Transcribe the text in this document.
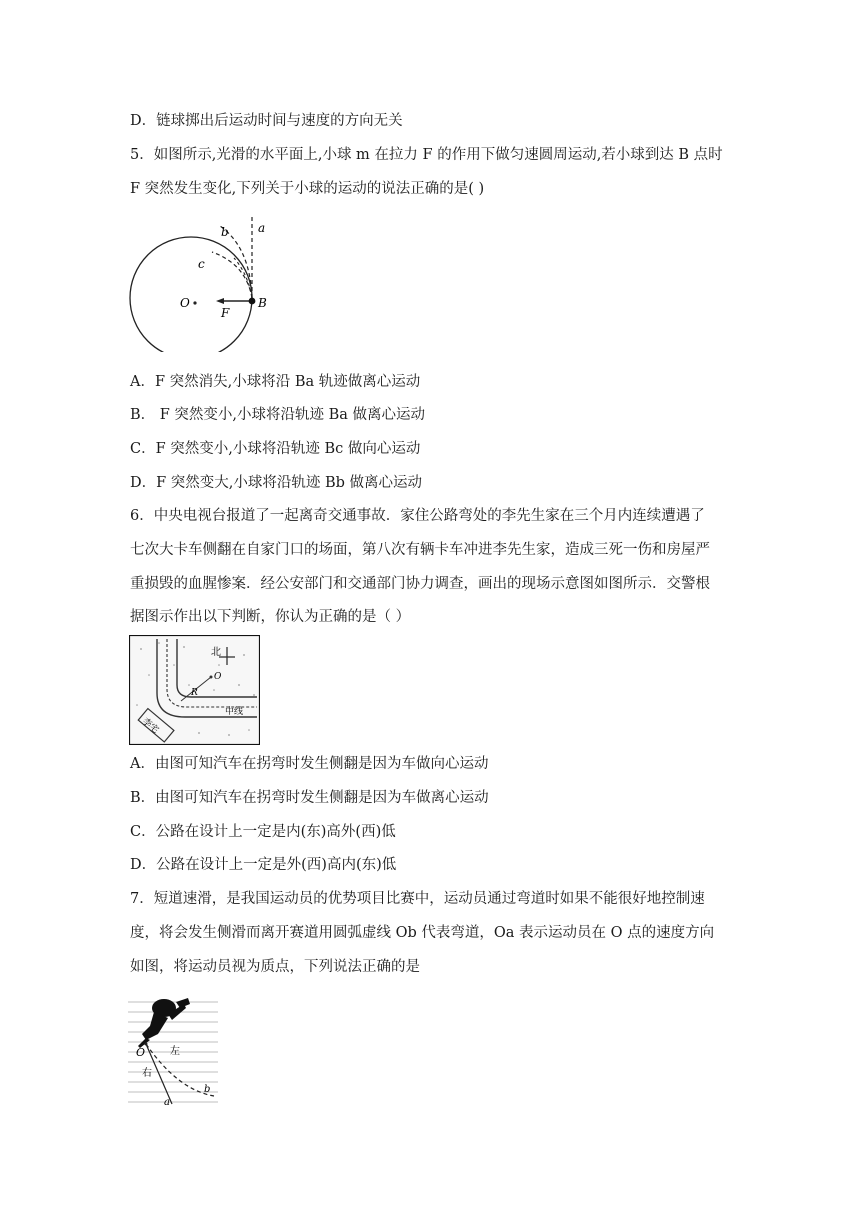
D．链球掷出后运动时间与速度的方向无关
5．如图所示,光滑的水平面上,小球 m 在拉力 F 的作用下做匀速圆周运动,若小球到达 B 点时
F 突然发生变化,下列关于小球的运动的说法正确的是( )
a
b
c
O
F
B
A．F 突然消失,小球将沿 Ba 轨迹做离心运动
B． F 突然变小,小球将沿轨迹 Ba 做离心运动
C．F 突然变小,小球将沿轨迹 Bc 做向心运动
D．F 突然变大,小球将沿轨迹 Bb 做离心运动
6．中央电视台报道了一起离奇交通事故．家住公路弯处的李先生家在三个月内连续遭遇了
七次大卡车侧翻在自家门口的场面，第八次有辆卡车冲进李先生家，造成三死一伤和房屋严
重损毁的血腥惨案．经公安部门和交通部门协力调查，画出的现场示意图如图所示．交警根
据图示作出以下判断，你认为正确的是（ ）
北
R
O
中线
李宅
A．由图可知汽车在拐弯时发生侧翻是因为车做向心运动
B．由图可知汽车在拐弯时发生侧翻是因为车做离心运动
C．公路在设计上一定是内(东)高外(西)低
D．公路在设计上一定是外(西)高内(东)低
7．短道速滑，是我国运动员的优势项目比赛中，运动员通过弯道时如果不能很好地控制速
度，将会发生侧滑而离开赛道用圆弧虚线 Ob 代表弯道，Oa 表示运动员在 O 点的速度方向
如图，将运动员视为质点，下列说法正确的是
O 左
右
a
b
